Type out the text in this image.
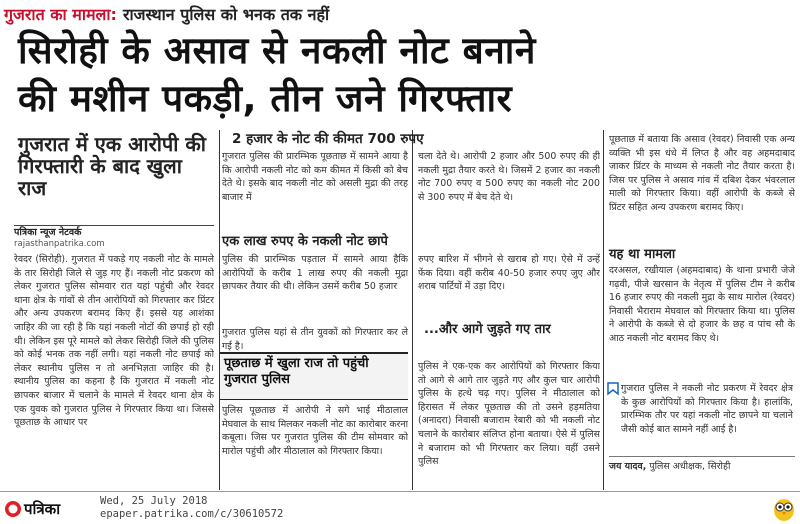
गुजरात का मामला : राजस्थान पुलिस को भनक तक नहीं
सिरोही के असाव से नकली नोट बनाने
की मशीन पकड़ी, तीन जने गिरफ्तार
गुजरात में एक आरोपी की गिरफ्तारी के बाद खुला राज
पत्रिका न्यूज नेटवर्क
rajasthanpatrika.com
रेवदर (सिरोही). गुजरात में पकड़े गए नकली नोट के मामले के तार सिरोही जिले से जुड़ गए हैं। नकली नोट प्रकरण को लेकर गुजरात पुलिस सोमवार रात यहां पहुंची और रेवदर थाना क्षेत्र के गांवों से तीन आरोपियों को गिरफ्तार कर प्रिंटर और अन्य उपकरण बरामद किए हैं। इससे यह आशंका जाहिर की जा रही है कि यहां नकली नोटों की छपाई हो रही थी। लेकिन इस पूरे मामले को लेकर सिरोही जिले की पुलिस को कोई भनक तक नहीं लगी। यहां नकली नोट छपाई को लेकर स्थानीय पुलिस न तो अनभिज्ञता जाहिर की है। स्थानीय पुलिस का कहना है कि गुजरात में नकली नोट छापकर बाजार में चलाने के मामले में रेवदर थाना क्षेत्र के एक युवक को गुजरात पुलिस ने गिरफ्तार किया था। जिससे पूछताछ के आधार पर
2 हजार के नोट की कीमत 700 रुपए
गुजरात पुलिस की प्रारम्भिक पूछताछ में सामने आया है कि आरोपी नकली नोट को कम कीमत में किसी को बेच देते थे। इसके बाद नकली नोट को असली मुद्रा की तरह बाजार में
चला देते थे। आरोपी 2 हजार और 500 रुपए की ही नकली मुद्रा तैयार करते थे। जिसमें 2 हजार का नकली नोट 700 रुपए व 500 रुपए का नकली नोट 200 से 300 रुपए में बेच देते थे।
एक लाख रुपए के नकली नोट छापे
पुलिस की प्रारम्भिक पड़ताल में सामने आया हैकि आरोपियों के करीब 1 लाख रुपए की नकली मुद्रा छापकर तैयार की थी। लेकिन उसमें करीब 50 हजार
रुपए बारिश में भीगने से खराब हो गए। ऐसे में उन्हें फेंक दिया। वहीं करीब 40-50 हजार रुपए जुए और शराब पार्टियों में उड़ा दिए।
गुजरात पुलिस यहां से तीन युवकों को गिरफ्तार कर ले गई है।
पूछताछ में खुला राज तो पहुंची गुजरात पुलिस
पुलिस पूछताछ में आरोपी ने सगे भाई मीठालाल मेघवाल के साथ मिलकर नकली नोट का कारोबार करना कबूला। जिस पर गुजरात पुलिस की टीम सोमवार को मारोल पहुंची और मीठालाल को गिरफ्तार किया।
...और आगे जुड़ते गए तार
पुलिस ने एक-एक कर आरोपियों को गिरफ्तार किया तो आगे से आगे तार जुड़ते गए और कुल चार आरोपी पुलिस के हत्थे चढ़ गए। पुलिस ने मीठालाल को हिरासत में लेकर पूछताछ की तो उसने हड़मतिया (अनादरा) निवासी बजाराम रेबारी को भी नकली नोट चलाने के कारोबार संलिप्त होना बताया। ऐसे में पुलिस ने बजाराम को भी गिरफ्तार कर लिया। वहीं उसने पुलिस
पूछताछ में बताया कि असाव (रेवदर) निवासी एक अन्य व्यक्ति भी इस धंधे में लिप्त है और वह अहमदाबाद जाकर प्रिंटर के माध्यम से नकली नोट तैयार करता है। जिस पर पुलिस ने असाव गांव में दबिश देकर भंवरलाल माली को गिरफ्तार किया। वहीं आरोपी के कब्जे से प्रिंटर सहित अन्य उपकरण बरामद किए।
यह था मामला
दरअसल, रखीयाल (अहमदाबाद) के थाना प्रभारी जेजे गढ़वी, पीजे खरसान के नेतृत्व में पुलिस टीम ने करीब 16 हजार रुपए की नकली मुद्रा के साथ मारोल (रेवदर) निवासी भैराराम मेघवाल को गिरफ्तार किया था। पुलिस ने आरोपी के कब्जे से दो हजार के छह व पांच सौ के आठ नकली नोट बरामद किए थे।
गुजरात पुलिस ने नकली नोट प्रकरण में रेवदर क्षेत्र के कुछ आरोपियों को गिरफ्तार किया है। हालांकि, प्रारम्भिक तौर पर यहां नकली नोट छापने या चलाने जैसी कोई बात सामने नहीं आई है।
जय यादव, पुलिस अधीक्षक, सिरोही
पत्रिका	Wed, 25 July 2018
epaper.patrika.com/c/30610572
